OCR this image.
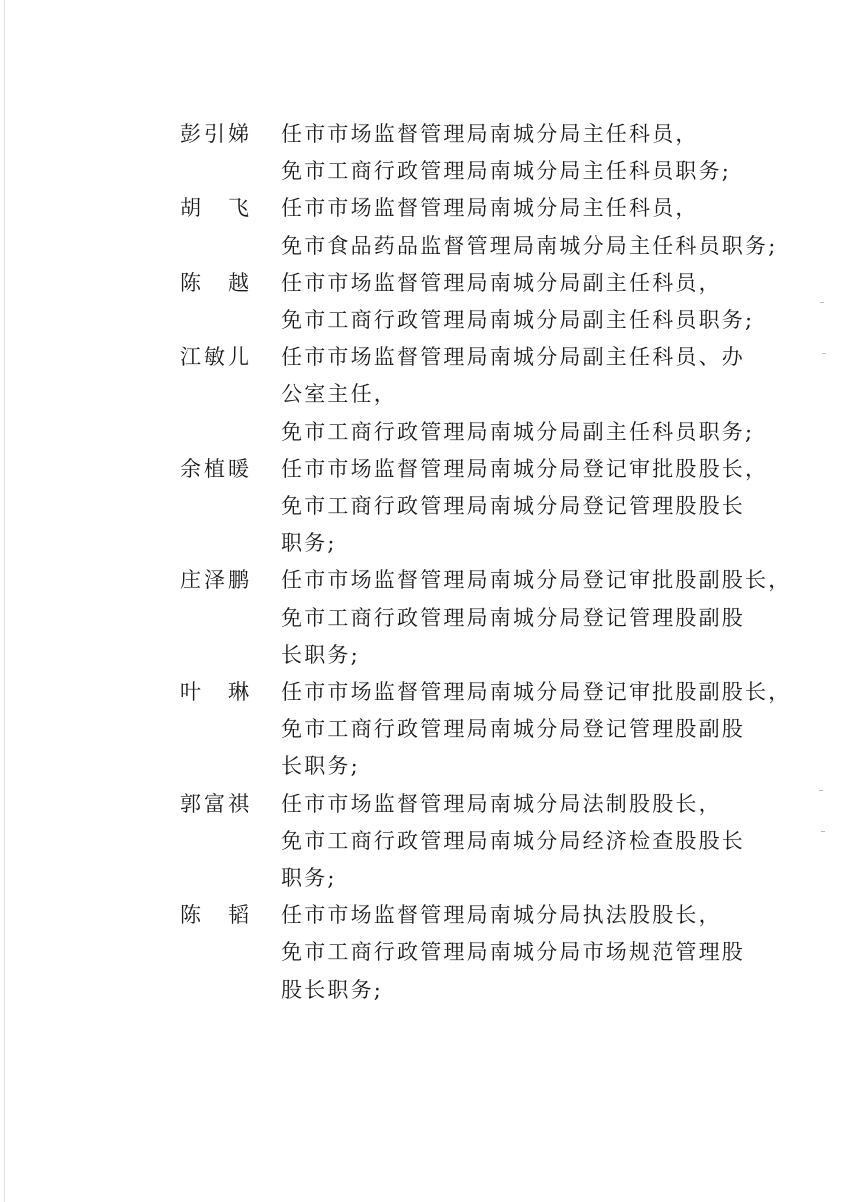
彭 引 娣 任市市场监督管理局南城分局主任科员，
免市工商行政管理局南城分局主任科员职务;
胡
　 飞 任市市场监督管理局南城分局主任科员，
免市食品药品监督管理局南城分局主任科员职务;
陈
　 越 任市市场监督管理局南城分局副主任科员，
免市工商行政管理局南城分局副主任科员职务;
江 敏 儿 任市市场监督管理局南城分局副主任科员、办
公室主任，
免市工商行政管理局南城分局副主任科员职务;
余 植 暖 任市市场监督管理局南城分局登记审批股股长，
免市工商行政管理局南城分局登记管理股股长
职务;
庄 泽 鹏 任市市场监督管理局南城分局登记审批股副股长，
免市工商行政管理局南城分局登记管理股副股
长职务;
叶
　 琳 任市市场监督管理局南城分局登记审批股副股长，
免市工商行政管理局南城分局登记管理股副股
长职务;
郭 富 祺 任市市场监督管理局南城分局法制股股长，
免市工商行政管理局南城分局经济检查股股长
职务;
陈
　 韬 任市市场监督管理局南城分局执法股股长，
免市工商行政管理局南城分局市场规范管理股
股长职务;
